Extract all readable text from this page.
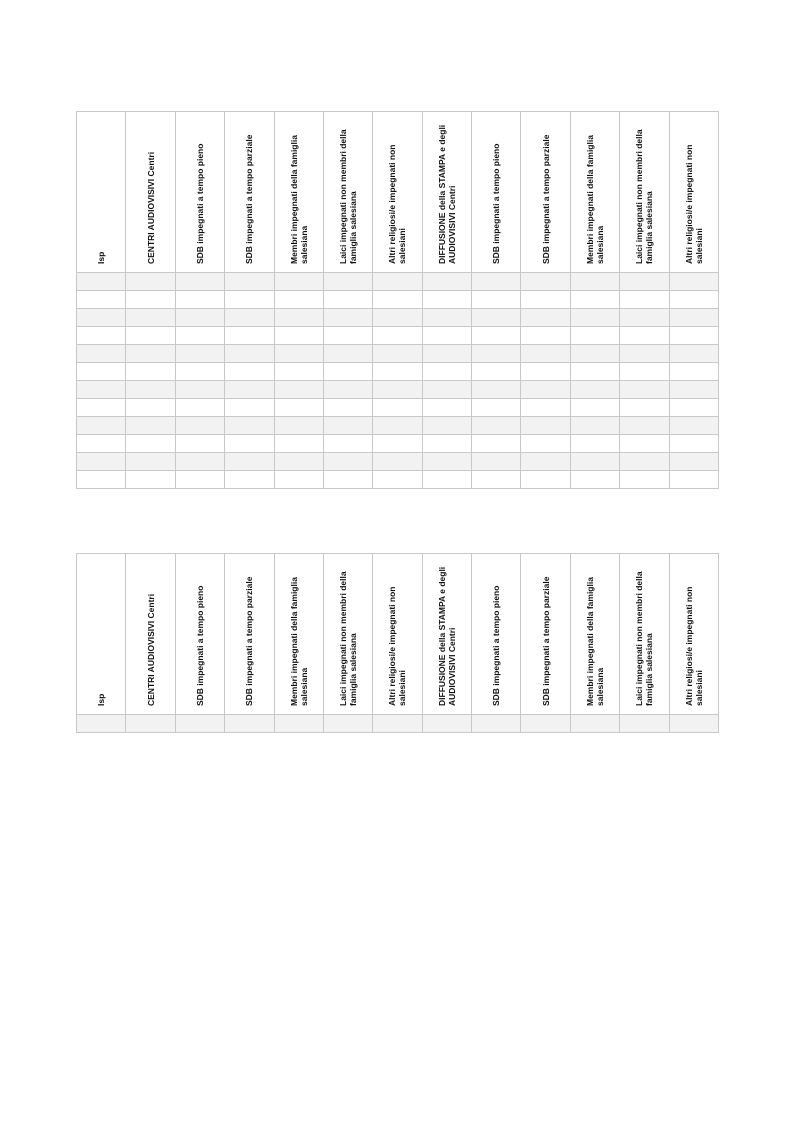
Isp	CENTRI AUDIOVISIVI Centri	SDB impegnati a tempo pieno	SDB impegnati a tempo parziale	Membri impegnati della famiglia salesiana	Laici impegnati non membri della famiglia salesiana	Altri religiosi/e impegnati non salesiani	DIFFUSIONE della STAMPA e degli AUDIOVISIVI Centri	SDB impegnati a tempo pieno	SDB impegnati a tempo parziale	Membri impegnati della famiglia salesiana	Laici impegnati non membri della famiglia salesiana	Altri religiosi/e impegnati non salesiani

Isp	CENTRI AUDIOVISIVI Centri	SDB impegnati a tempo pieno	SDB impegnati a tempo parziale	Membri impegnati della famiglia salesiana	Laici impegnati non membri della famiglia salesiana	Altri religiosi/e impegnati non salesiani	DIFFUSIONE della STAMPA e degli AUDIOVISIVI Centri	SDB impegnati a tempo pieno	SDB impegnati a tempo parziale	Membri impegnati della famiglia salesiana	Laici impegnati non membri della famiglia salesiana	Altri religiosi/e impegnati non salesiani
